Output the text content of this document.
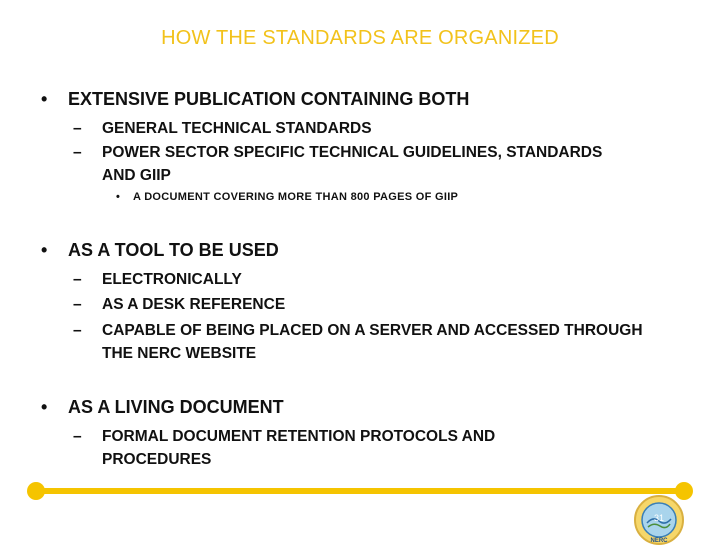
HOW THE STANDARDS ARE ORGANIZED
• EXTENSIVE PUBLICATION CONTAINING BOTH
– GENERAL TECHNICAL STANDARDS
– POWER SECTOR SPECIFIC TECHNICAL GUIDELINES, STANDARDS AND GIIP
• A DOCUMENT COVERING MORE THAN 800 PAGES OF GIIP
• AS A TOOL TO BE USED
– ELECTRONICALLY
– AS A DESK REFERENCE
– CAPABLE OF BEING PLACED ON A SERVER AND ACCESSED THROUGH THE NERC WEBSITE
• AS A LIVING DOCUMENT
– FORMAL DOCUMENT RETENTION PROTOCOLS AND PROCEDURES
31
NERC
